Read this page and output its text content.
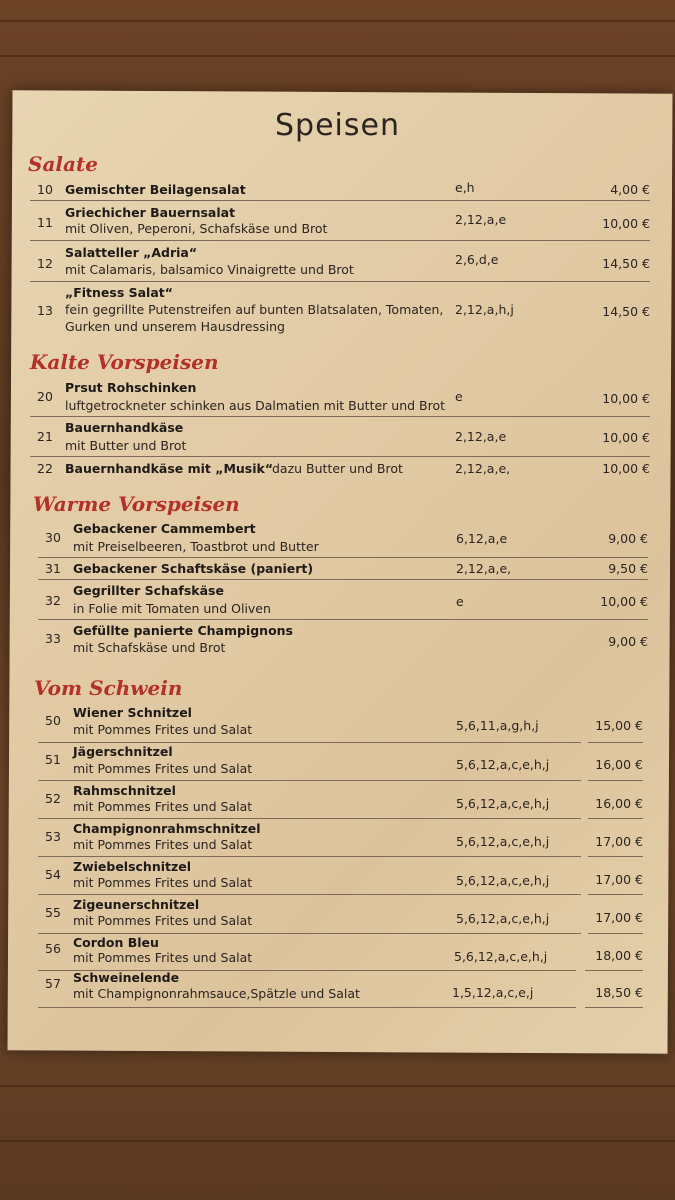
Speisen
Salate
10 Gemischter Beilagensalat	e,h	4,00 €
11
Griechicher Bauernsalat
mit Oliven, Peperoni, Schafskäse und Brot
2,12,a,e	10,00 €
12
Salatteller „Adria“
mit Calamaris, balsamico Vinaigrette und Brot
2,6,d,e	14,50 €
13
„Fitness Salat“
fein gegrillte Putenstreifen auf bunten Blatsalaten, Tomaten,
Gurken und unserem Hausdressing
2,12,a,h,j	14,50 €
Kalte Vorspeisen
20
Prsut Rohschinken
luftgetrockneter schinken aus Dalmatien mit Butter und Brot
e	10,00 €
21
Bauernhandkäse
mit Butter und Brot
2,12,a,e	10,00 €
22 Bauernhandkäse mit „Musik“
dazu Butter und Brot	2,12,a,e,	10,00 €
Warme Vorspeisen
30
Gebackener Cammembert
mit Preiselbeeren, Toastbrot und Butter
6,12,a,e	9,00 €
31 Gebackener Schaftskäse (paniert)	2,12,a,e,	9,50 €
32
Gegrillter Schafskäse
in Folie mit Tomaten und Oliven	e	10,00 €
33
Gefüllte panierte Champignons
mit Schafskäse und Brot	9,00 €
Vom Schwein
50
Wiener Schnitzel
mit Pommes Frites und Salat	5,6,11,a,g,h,j	15,00 €
51
Jägerschnitzel
mit Pommes Frites und Salat	5,6,12,a,c,e,h,j	16,00 €
52
Rahmschnitzel
mit Pommes Frites und Salat	5,6,12,a,c,e,h,j	16,00 €
53
Champignonrahmschnitzel
mit Pommes Frites und Salat	5,6,12,a,c,e,h,j	17,00 €
54
Zwiebelschnitzel
mit Pommes Frites und Salat	5,6,12,a,c,e,h,j	17,00 €
55
Zigeunerschnitzel
mit Pommes Frites und Salat	5,6,12,a,c,e,h,j	17,00 €
56 Cordon Bleu
mit Pommes Frites und Salat	5,6,12,a,c,e,h,j	18,00 €
57 Schweinelende
mit Champignonrahmsauce,Spätzle und Salat	1,5,12,a,c,e,j	18,50 €
